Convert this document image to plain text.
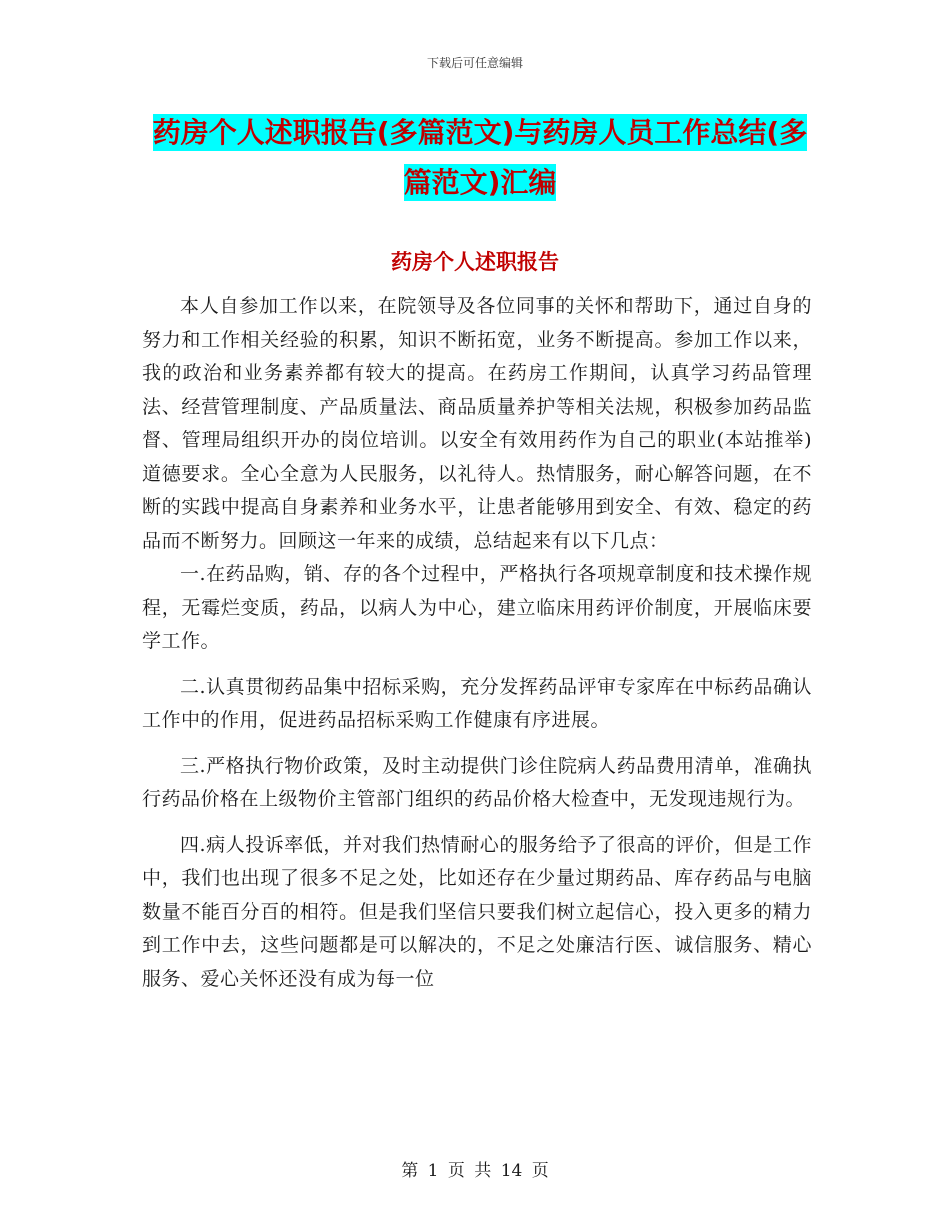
下载后可任意编辑
药房个人述职报告(多篇范文)与药房人员工作总结(多
篇范文)汇编
药房个人述职报告

本人自参加工作以来，在院领导及各位同事的关怀和帮助下，通过自身的努力和工作相关经验的积累，知识不断拓宽，业务不断提高。参加工作以来，我的政治和业务素养都有较大的提高。在药房工作期间，认真学习药品管理法、经营管理制度、产品质量法、商品质量养护等相关法规，积极参加药品监督、管理局组织开办的岗位培训。以安全有效用药作为自己的职业(本站推举)道德要求。全心全意为人民服务，以礼待人。热情服务，耐心解答问题，在不断的实践中提高自身素养和业务水平，让患者能够用到安全、有效、稳定的药品而不断努力。回顾这一年来的成绩，总结起来有以下几点：

一.在药品购，销、存的各个过程中，严格执行各项规章制度和技术操作规程，无霉烂变质，药品，以病人为中心，建立临床用药评价制度，开展临床要学工作。

二.认真贯彻药品集中招标采购，充分发挥药品评审专家库在中标药品确认工作中的作用，促进药品招标采购工作健康有序进展。

三.严格执行物价政策，及时主动提供门诊住院病人药品费用清单，准确执行药品价格在上级物价主管部门组织的药品价格大检查中，无发现违规行为。

四.病人投诉率低，并对我们热情耐心的服务给予了很高的评价，但是工作中，我们也出现了很多不足之处，比如还存在少量过期药品、库存药品与电脑数量不能百分百的相符。但是我们坚信只要我们树立起信心，投入更多的精力到工作中去，这些问题都是可以解决的，不足之处廉洁行医、诚信服务、精心服务、爱心关怀还没有成为每一位

第 1 页 共 14 页
